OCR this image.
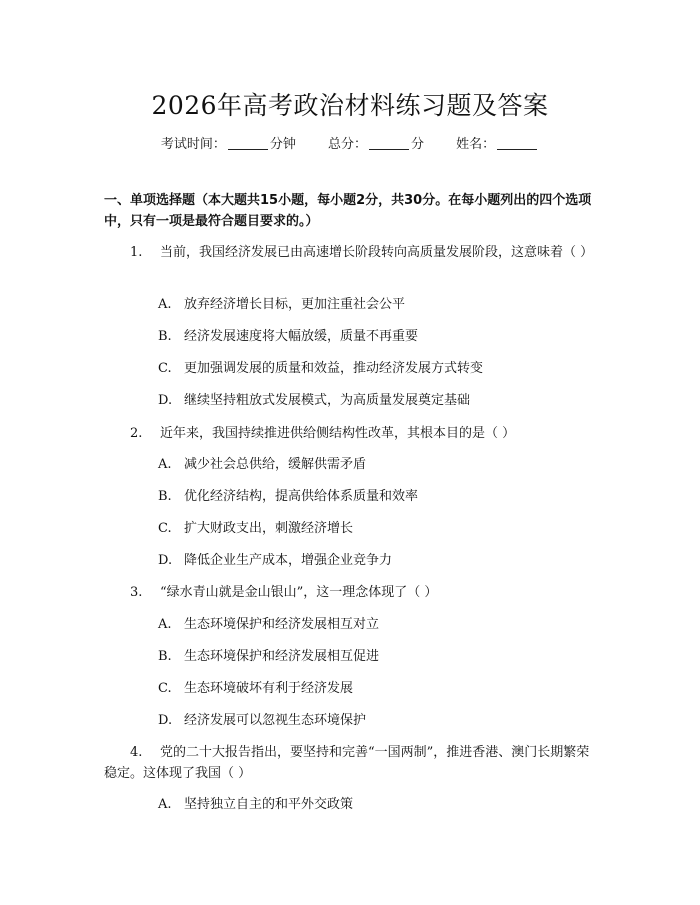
2026年高考政治材料练习题及答案
考试时间：	分钟 总分：	分 姓名：
一、单项选择题（本大题共15小题，每小题2分，共30分。在每小题列出的四个选项中，只有一项是最符合题目要求的。）
1. 当前，我国经济发展已由高速增长阶段转向高质量发展阶段，这意味着（ ）
A. 放弃经济增长目标，更加注重社会公平
B. 经济发展速度将大幅放缓，质量不再重要
C. 更加强调发展的质量和效益，推动经济发展方式转变
D. 继续坚持粗放式发展模式，为高质量发展奠定基础
2. 近年来，我国持续推进供给侧结构性改革，其根本目的是（ ）
A. 减少社会总供给，缓解供需矛盾
B. 优化经济结构，提高供给体系质量和效率
C. 扩大财政支出，刺激经济增长
D. 降低企业生产成本，增强企业竞争力
3. “绿水青山就是金山银山”，这一理念体现了（ ）
A. 生态环境保护和经济发展相互对立
B. 生态环境保护和经济发展相互促进
C. 生态环境破坏有利于经济发展
D. 经济发展可以忽视生态环境保护
4. 党的二十大报告指出，要坚持和完善“一国两制”，推进香港、澳门长期繁荣稳定。这体现了我国（ ）
A. 坚持独立自主的和平外交政策
